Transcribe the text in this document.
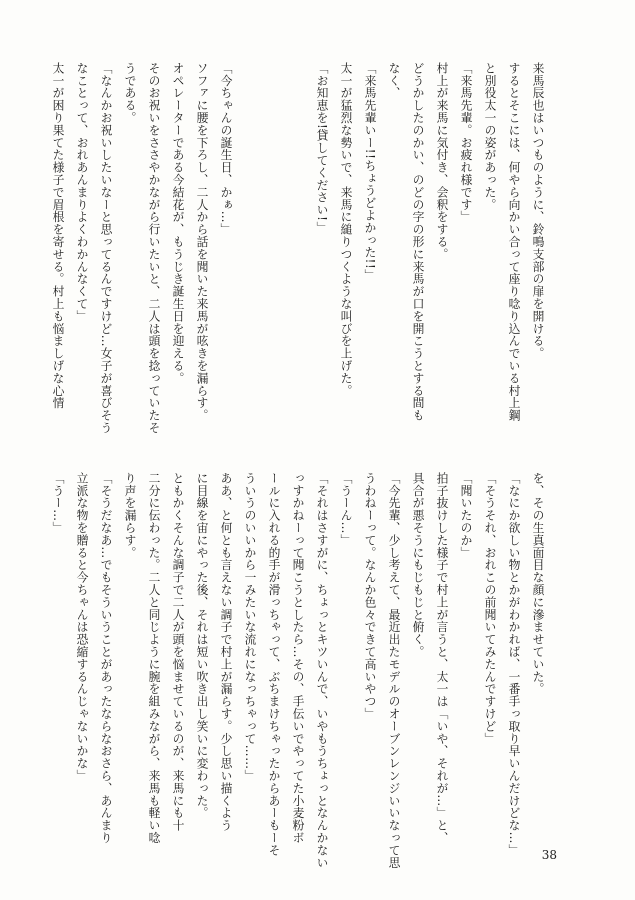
来馬辰也はいつものように、鈴鳴支部の扉を開ける。
するとそこには、何やら向かい合って座り唸り込んでいる村上鋼
と別役太一の姿があった。
「来馬先輩。お疲れ様です」
村上が来馬に気付き、会釈をする。
どうかしたのかい、のどの字の形に来馬が口を開こうとする間も
なく、
「来馬先輩いー!!ちょうどよかった!!」
太一が猛烈な勢いで、来馬に縋りつくような叫びを上げた。
「お知恵を!貸してください!」

「今ちゃんの誕生日、かぁ…」
ソファに腰を下ろし、二人から話を聞いた来馬が呟きを漏らす。
オペレーターである今結花が、もうじき誕生日を迎える。
そのお祝いをささやかながら行いたいと、二人は頭を捻っていたそ
うである。
「なんかお祝いしたいなーと思ってるんですけど…女子が喜びそう
なことって、おれあんまりよくわかんなくて」
太一が困り果てた様子で眉根を寄せる。村上も悩ましげな心情
を、その生真面目な顔に滲ませていた。
「なにか欲しい物とかがわかれば、一番手っ取り早いんだけどな…」
「そうそれ、おれこの前聞いてみたんですけど」
「聞いたのか」
拍子抜けした様子で村上が言うと、太一は「いや、それが…」と、
具合が悪そうにもじもじと俯く。
「今先輩、少し考えて、最近出たモデルのオーブンレンジいいなって思
うわねーって。なんか色々できて高いやつ」
「うーん…」
「それはさすがに、ちょっとキツいんで、いやもうちょっとなんかない
っすかねーって聞こうとしたら…その、手伝いでやってた小麦粉ボ
ールに入れる的手が滑っちゃって、ぶちまけちゃったからあーもーそ
ういうのいいから一みたいな流れになっちゃって……」
ああ、と何とも言えない調子で村上が漏らす。少し思い描くよう
に目線を宙にやった後、それは短い吹き出し笑いに変わった。
ともかくそんな調子で二人が頭を悩ませているのが、来馬にも十
二分に伝わった。二人と同じように腕を組みながら、来馬も軽い唸
り声を漏らす。
「そうだなあ…でもそういうことがあったならなおさら、あんまり
立派な物を贈ると今ちゃんは恐縮するんじゃないかな」
「うー…」
38
